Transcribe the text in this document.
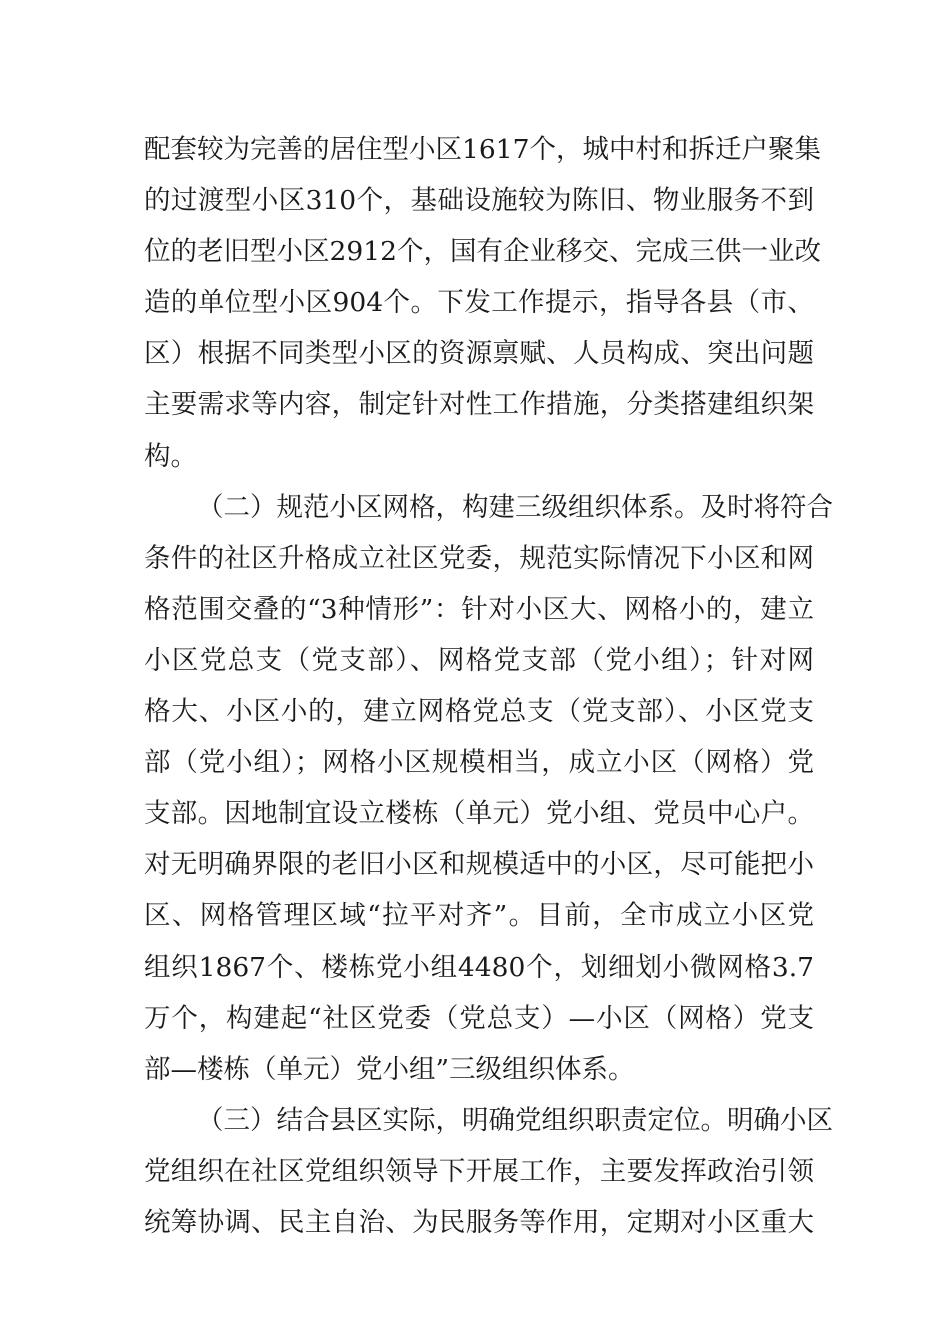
配套较为完善的居住型小区1617个，城中村和拆迁户聚集
的过渡型小区310个，基础设施较为陈旧、物业服务不到
位的老旧型小区2912个，国有企业移交、完成三供一业改
造的单位型小区904个。下发工作提示，指导各县（市、
区）根据不同类型小区的资源禀赋、人员构成、突出问题
主要需求等内容，制定针对性工作措施，分类搭建组织架
构。
（二）规范小区网格，构建三级组织体系。及时将符合
条件的社区升格成立社区党委，规范实际情况下小区和网
格范围交叠的“3种情形”：针对小区大、网格小的，建立
小区党总支（党支部）、网格党支部（党小组）；针对网
格大、小区小的，建立网格党总支（党支部）、小区党支
部（党小组）；网格小区规模相当，成立小区（网格）党
支部。因地制宜设立楼栋（单元）党小组、党员中心户。
对无明确界限的老旧小区和规模适中的小区，尽可能把小
区、网格管理区域“拉平对齐”。目前，全市成立小区党
组织1867个、楼栋党小组4480个，划细划小微网格3.7
万个，构建起“社区党委（党总支）—小区（网格）党支
部—楼栋（单元）党小组”三级组织体系。
（三）结合县区实际，明确党组织职责定位。明确小区
党组织在社区党组织领导下开展工作，主要发挥政治引领
统筹协调、民主自治、为民服务等作用，定期对小区重大
